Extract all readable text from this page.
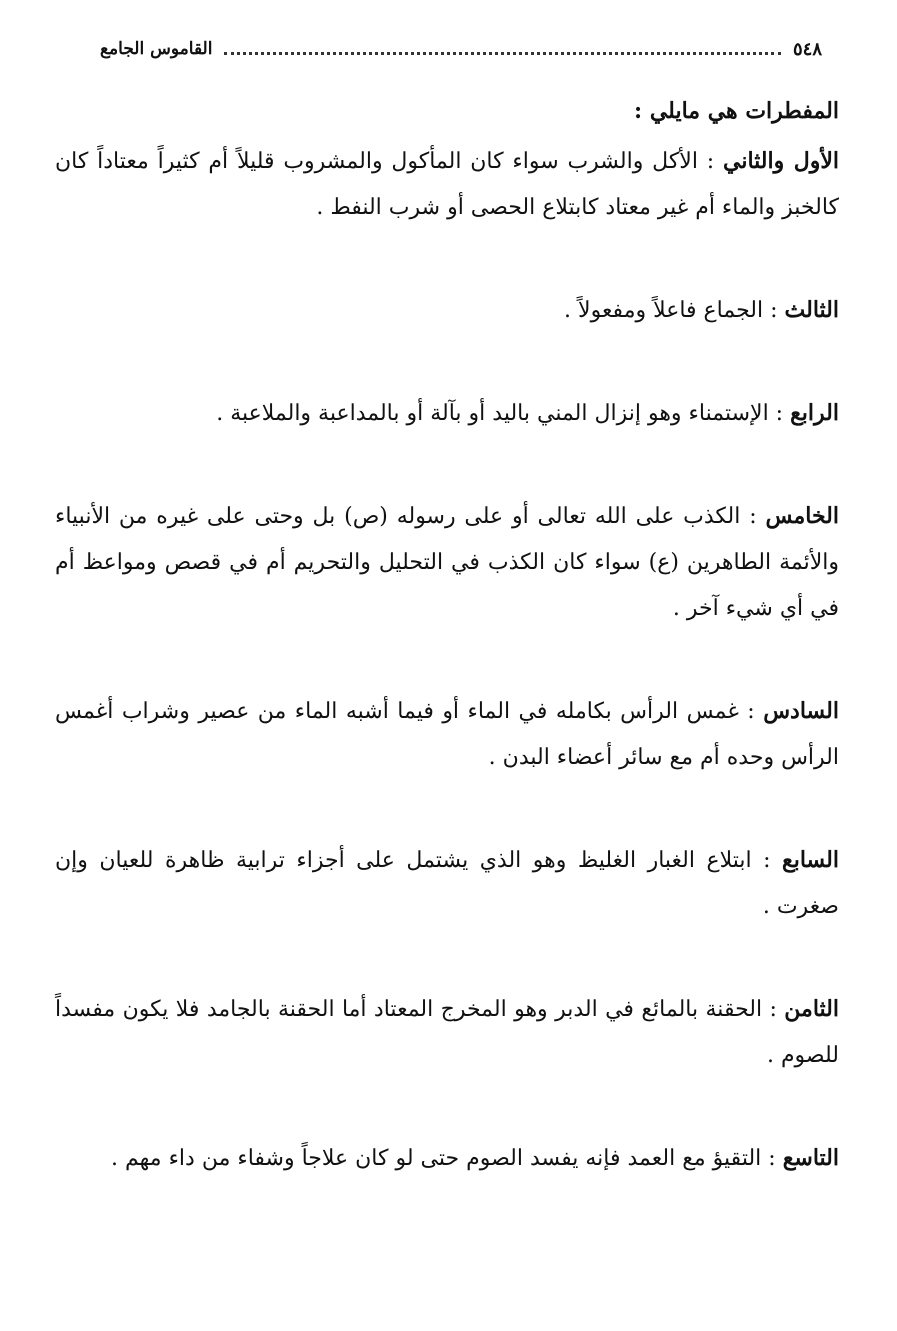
٥٤٨
القاموس الجامع

المفطرات هي مايلي :

الأول والثاني : الأكل والشرب سواء كان المأكول والمشروب قليلاً أم كثيراً معتاداً كان كالخبز والماء أم غير معتاد كابتلاع الحصى أو شرب النفط .

الثالث : الجماع فاعلاً ومفعولاً .

الرابع : الإستمناء وهو إنزال المني باليد أو بآلة أو بالمداعبة والملاعبة .

الخامس : الكذب على الله تعالى أو على رسوله (ص) بل وحتى على غيره من الأنبياء والأئمة الطاهرين (ع) سواء كان الكذب في التحليل والتحريم أم في قصص ومواعظ أم في أي شيء آخر .

السادس : غمس الرأس بكامله في الماء أو فيما أشبه الماء من عصير وشراب أغمس الرأس وحده أم مع سائر أعضاء البدن .

السابع : ابتلاع الغبار الغليظ وهو الذي يشتمل على أجزاء ترابية ظاهرة للعيان وإن صغرت .

الثامن : الحقنة بالمائع في الدبر وهو المخرج المعتاد أما الحقنة بالجامد فلا يكون مفسداً للصوم .

التاسع : التقيؤ مع العمد فإنه يفسد الصوم حتى لو كان علاجاً وشفاء من داء مهم .
